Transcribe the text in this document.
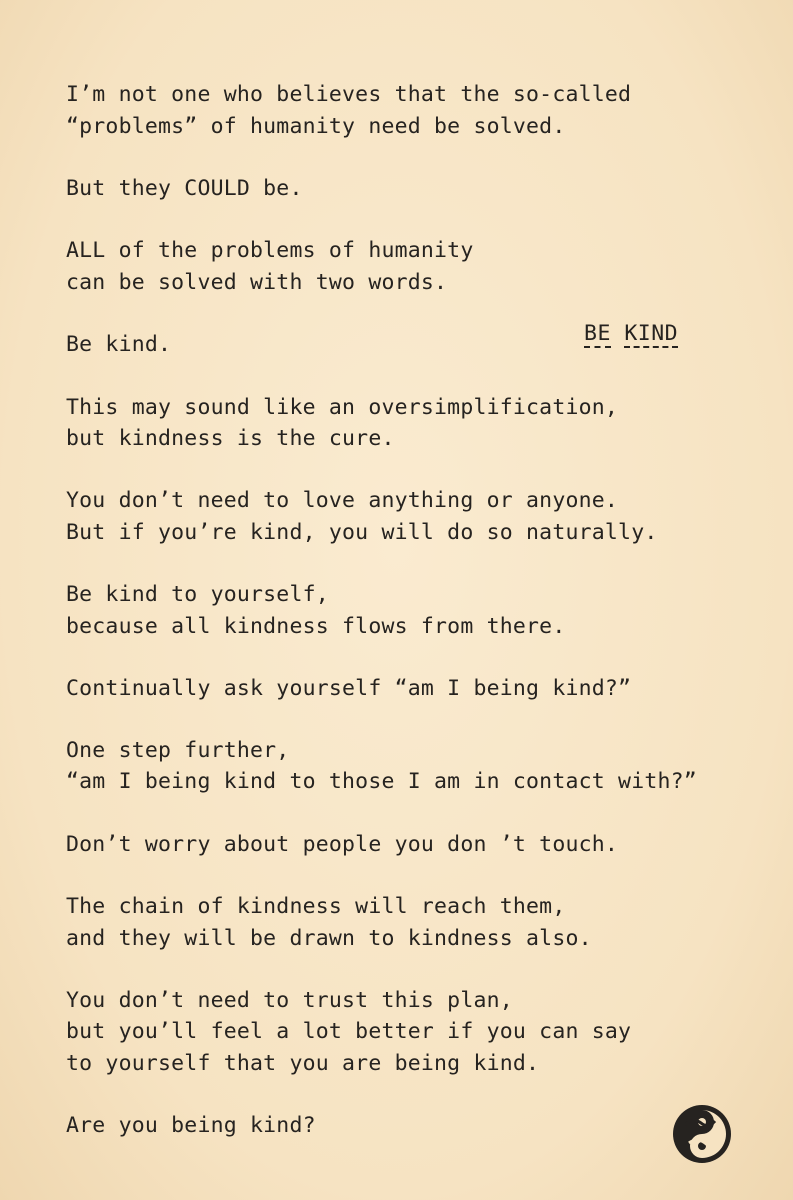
I’m not one who believes that the so-called

“problems” of humanity need be solved.

But they COULD be.

ALL of the problems of humanity

can be solved with two words.

Be kind.	BE KIND

This may sound like an oversimplification,

but kindness is the cure.

You don’t need to love anything or anyone.

But if you’re kind, you will do so naturally.

Be kind to yourself,

because all kindness flows from there.

Continually ask yourself “am I being kind?”

One step further,

“am I being kind to those I am in contact with?”

Don’t worry about people you don ’t touch.

The chain of kindness will reach them,

and they will be drawn to kindness also.

You don’t need to trust this plan,

but you’ll feel a lot better if you can say

to yourself that you are being kind.

Are you being kind?
